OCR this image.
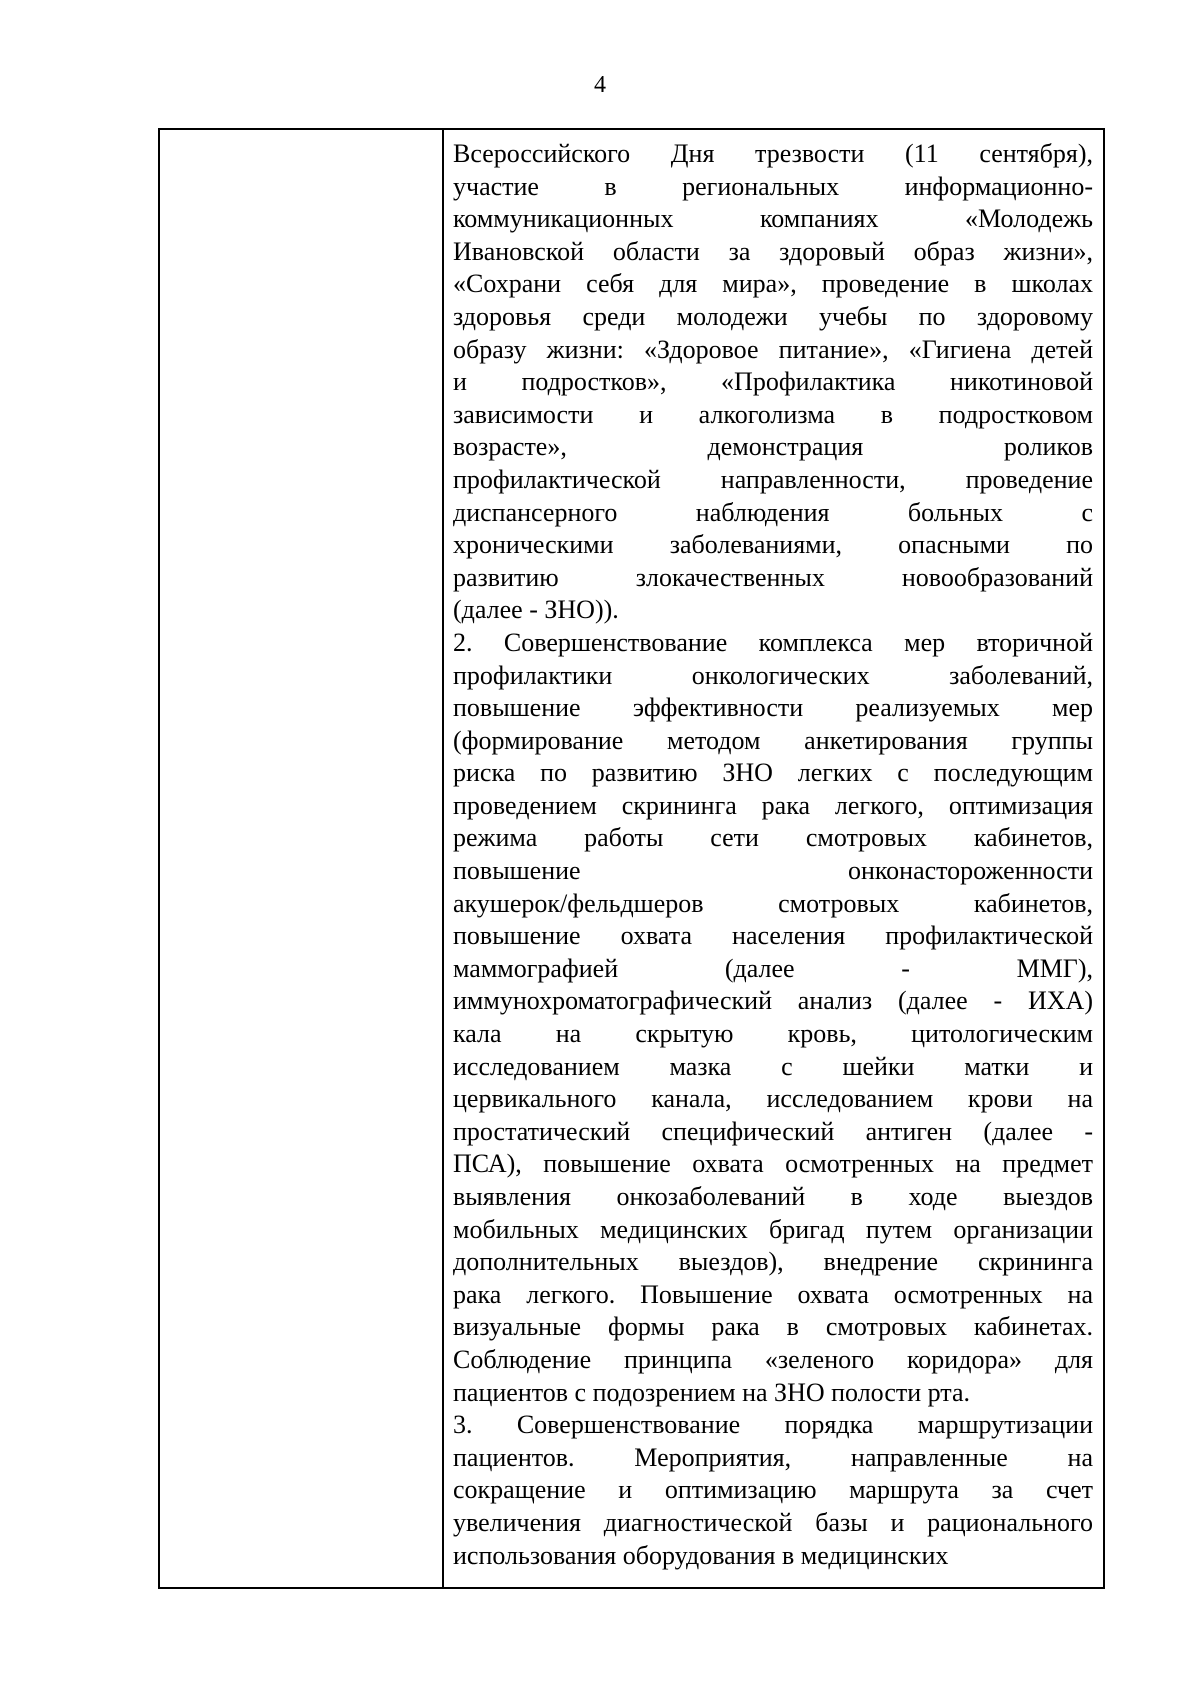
4
Всероссийского Дня трезвости (11 сентября),
участие в региональных информационно-
коммуникационных компаниях «Молодежь
Ивановской области за здоровый образ жизни»,
«Сохрани себя для мира», проведение в школах
здоровья среди молодежи учебы по здоровому
образу жизни: «Здоровое питание», «Гигиена детей
и подростков», «Профилактика никотиновой
зависимости и алкоголизма в подростковом
возрасте», демонстрация роликов
профилактической направленности, проведение
диспансерного наблюдения больных с
хроническими заболеваниями, опасными по
развитию злокачественных новообразований
(далее - ЗНО)).
2. Совершенствование комплекса мер вторичной
профилактики онкологических заболеваний,
повышение эффективности реализуемых мер
(формирование методом анкетирования группы
риска по развитию ЗНО легких с последующим
проведением скрининга рака легкого, оптимизация
режима работы сети смотровых кабинетов,
повышение онконастороженности
акушерок/фельдшеров смотровых кабинетов,
повышение охвата населения профилактической
маммографией (далее - ММГ),
иммунохроматографический анализ (далее - ИХА)
кала на скрытую кровь, цитологическим
исследованием мазка с шейки матки и
цервикального канала, исследованием крови на
простатический специфический антиген (далее -
ПСА), повышение охвата осмотренных на предмет
выявления онкозаболеваний в ходе выездов
мобильных медицинских бригад путем организации
дополнительных выездов), внедрение скрининга
рака легкого. Повышение охвата осмотренных на
визуальные формы рака в смотровых кабинетах.
Соблюдение принципа «зеленого коридора» для
пациентов с подозрением на ЗНО полости рта.
3. Совершенствование порядка маршрутизации
пациентов. Мероприятия, направленные на
сокращение и оптимизацию маршрута за счет
увеличения диагностической базы и рационального
использования оборудования в медицинских
